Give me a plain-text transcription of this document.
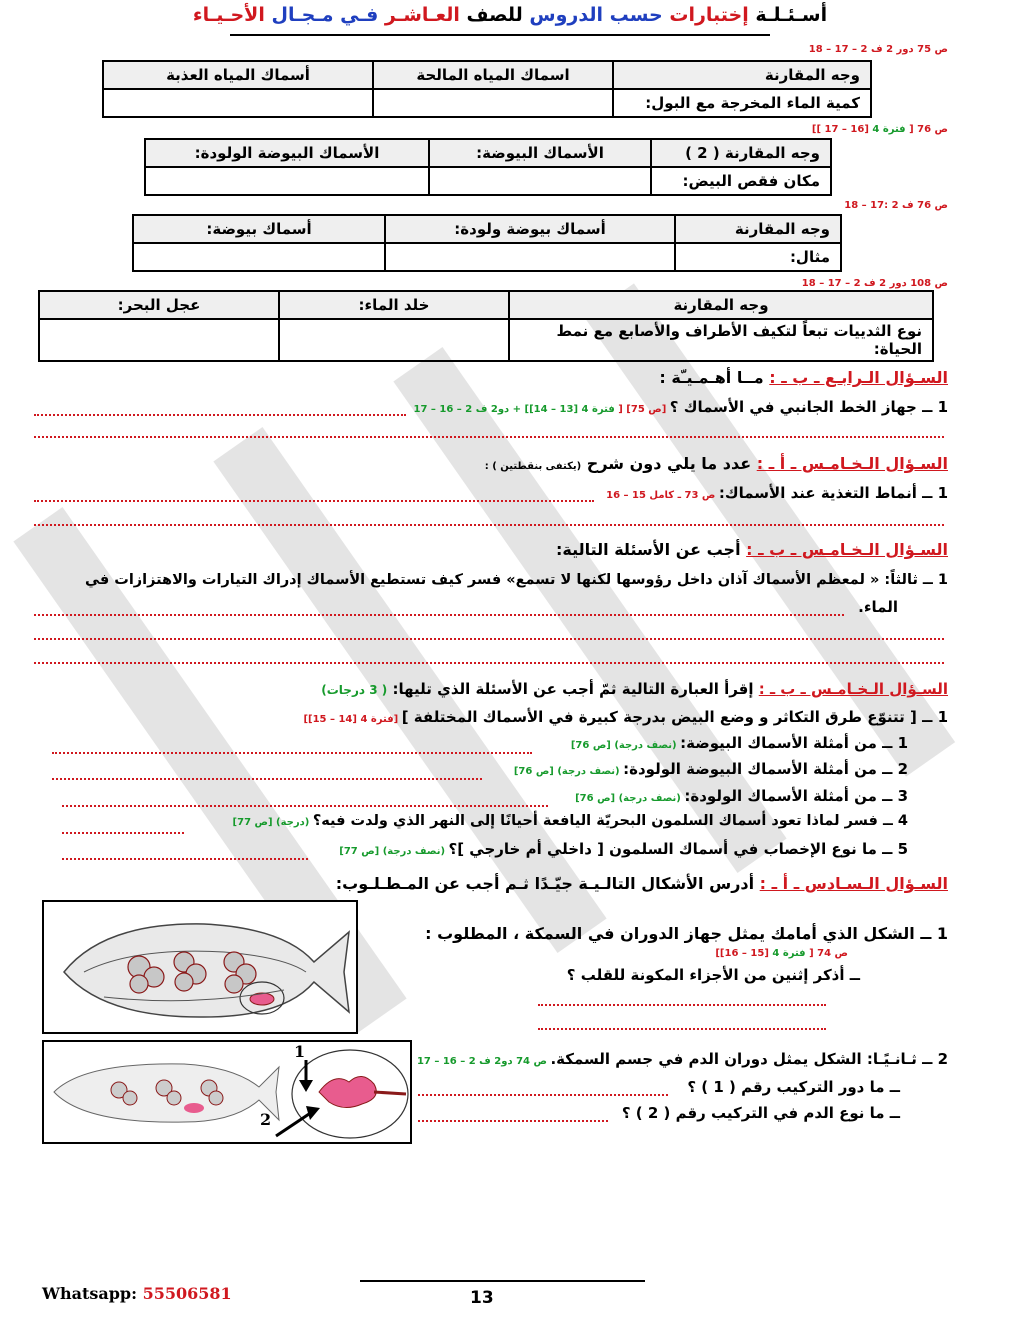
أسـئـلـة إختبارات حسب الدروس للصف العـاشـر فـي مـجـال الأحـيـاء
ص 75 دور 2 ف 2 – 17 – 18
وجه المقارنة	اسماك المياه المالحة	أسماك المياه العذبة
كمية الماء المخرجة مع البول:		
ص 76 [ فترة 4 [16 – 17 ]]
وجه المقارنة ( 2 )	الأسماك البيوضة:	الأسماك البيوضة الولودة:
مكان فقص البيض:		
ص 76 ف 2 :17 – 18
وجه المقارنة	أسماك بيوضة ولودة:	أسماك بيوضة:
مثال:		
ص 108 دور 2 ف 2 – 17 – 18
وجه المقارنة	خلد الماء:	عجل البحر:
نوع الثدييات تبعاً لتكيف الأطراف والأصابع مع نمط الحياة:		
السـؤال الـرابـع ـ ب ـ : مــا أهـمـيـّة :
1 ــ جهاز الخط الجانبي في الأسماك ؟ [ص 75] [ فترة 4 [13 – 14]] + دو2 ف 2 – 16 – 17
السـؤال الـخـامـس ـ أ ـ : عدد ما يلي دون شرح (يكتفى بنقطتين ) :
1 ــ أنماط التغذية عند الأسماك: ص 73 ـ كامل 15 – 16
السـؤال الـخـامـس ـ ب ـ : أجب عن الأسئلة التالية:
1 ــ ثالثاً: « لمعظم الأسماك آذان داخل رؤوسها لكنها لا تسمع» فسر كيف تستطيع الأسماك إدراك التيارات والاهتزازات في
الماء.
السـؤال الـخـامـس ـ ب ـ : إقرأ العبارة التالية ثمّ أجب عن الأسئلة الذي تليها: ( 3 درجات)
1 ــ [ تتنوّع طرق التكاثر و وضع البيض بدرجة كبيرة في الأسماك المختلفة ] [فترة 4 [14 – 15]]
1 ــ من أمثلة الأسماك البيوضة: (نصف درجة) [ص 76]
2 ــ من أمثلة الأسماك البيوضة الولودة: (نصف درجة) [ص 76]
3 ــ من أمثلة الأسماك الولودة: (نصف درجة) [ص 76]
4 ــ فسر لماذا تعود أسماك السلمون البحريّة اليافعة أحيانًا إلى النهر الذي ولدت فيه؟ (درجة) [ص 77]
5 ــ ما نوع الإخصاب في أسماك السلمون [ داخلي أم خارجي ]؟ (نصف درجة) [ص 77]
السـؤال الـسـادس ـ أ ـ : أدرس الأشكال التالـيـة جيّـدًا ثـم أجب عن المـطـلـوب:
1 ــ الشكل الذي أمامك يمثل جهاز الدوران في السمكة ، المطلوب :
ص 74 [ فترة 4 [15 – 16]]
ــ أذكر إثنين من الأجزاء المكونة للقلب ؟
1
2
2 ــ ثـانـيًـا: الشكل يمثل دوران الدم في جسم السمكة. ص 74 دو2 ف 2 – 16 – 17
ــ ما دور التركيب رقم ( 1 ) ؟
ــ ما نوع الدم في التركيب رقم ( 2 ) ؟
Whatsapp: 55506581	13
